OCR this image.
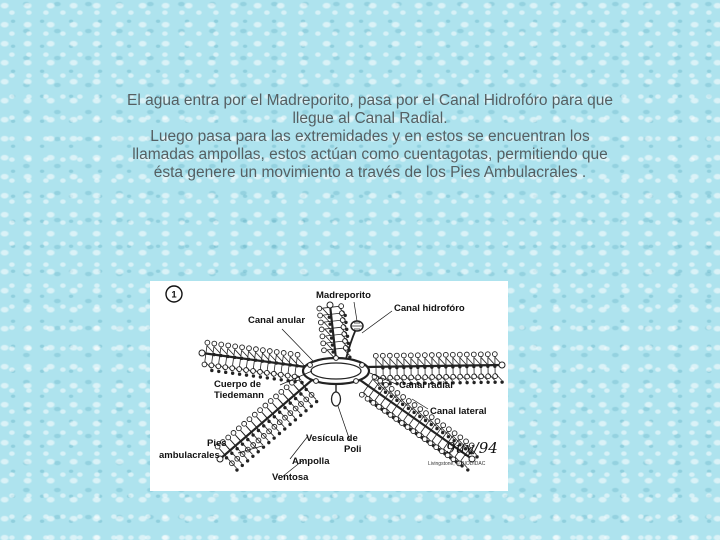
El agua entra por el Madreporito, pasa por el Canal Hidrofóro para que llegue al Canal Radial.

Luego pasa para las extremidades y en estos se encuentran los llamadas ampollas, estos actúan como cuentagotas, permitiendo que ésta genere un movimiento a través de los Pies Ambulacrales .

1	Madreporito
Canal hidrofóro
Canal anular
Canal radial
Cuerpo de
Tiedemann
Canal lateral
Pies
ambulacrales
Vesícula de
Poli
Ampolla
Ventosa
9uy/94
Livingstone, © BIODIDAC
